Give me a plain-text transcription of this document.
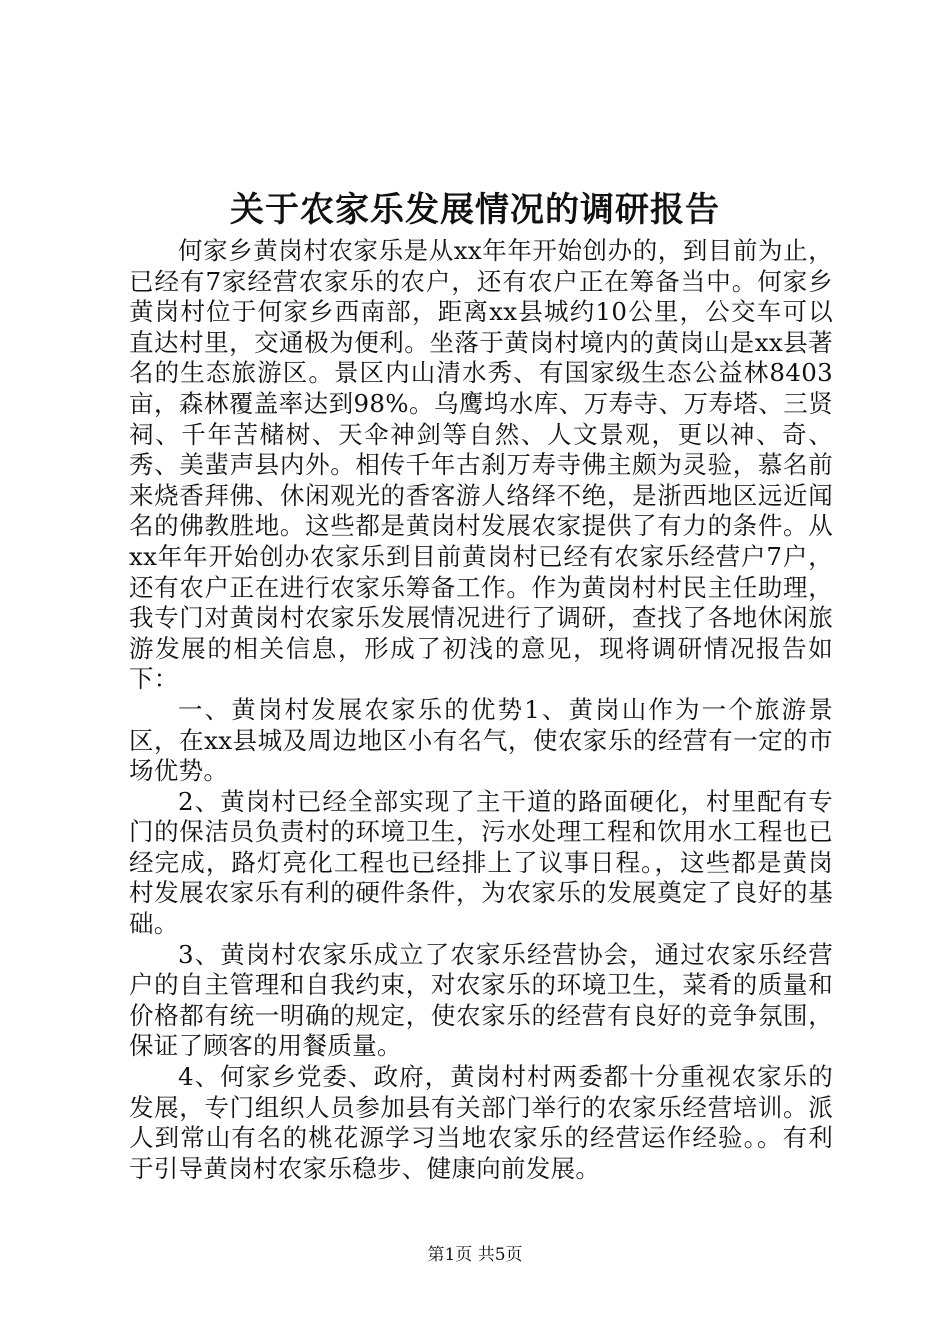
关于农家乐发展情况的调研报告

何家乡黄岗村农家乐是从xx年年开始创办的，到目前为止，已经有7家经营农家乐的农户，还有农户正在筹备当中。何家乡黄岗村位于何家乡西南部，距离xx县城约10公里，公交车可以直达村里，交通极为便利。坐落于黄岗村境内的黄岗山是xx县著名的生态旅游区。景区内山清水秀、有国家级生态公益林8403亩，森林覆盖率达到98%。乌鹰坞水库、万寿寺、万寿塔、三贤祠、千年苦槠树、天伞神剑等自然、人文景观，更以神、奇、秀、美蜚声县内外。相传千年古刹万寿寺佛主颇为灵验，慕名前来烧香拜佛、休闲观光的香客游人络绎不绝，是浙西地区远近闻名的佛教胜地。这些都是黄岗村发展农家提供了有力的条件。从xx年年开始创办农家乐到目前黄岗村已经有农家乐经营户7户，还有农户正在进行农家乐筹备工作。作为黄岗村村民主任助理，我专门对黄岗村农家乐发展情况进行了调研，查找了各地休闲旅游发展的相关信息，形成了初浅的意见，现将调研情况报告如下：

一、黄岗村发展农家乐的优势1、黄岗山作为一个旅游景区，在xx县城及周边地区小有名气，使农家乐的经营有一定的市场优势。

2、黄岗村已经全部实现了主干道的路面硬化，村里配有专门的保洁员负责村的环境卫生，污水处理工程和饮用水工程也已经完成，路灯亮化工程也已经排上了议事日程。，这些都是黄岗村发展农家乐有利的硬件条件，为农家乐的发展奠定了良好的基础。

3、黄岗村农家乐成立了农家乐经营协会，通过农家乐经营户的自主管理和自我约束，对农家乐的环境卫生，菜肴的质量和价格都有统一明确的规定，使农家乐的经营有良好的竞争氛围，保证了顾客的用餐质量。

4、何家乡党委、政府，黄岗村村两委都十分重视农家乐的发展，专门组织人员参加县有关部门举行的农家乐经营培训。派人到常山有名的桃花源学习当地农家乐的经营运作经验。。有利于引导黄岗村农家乐稳步、健康向前发展。

第1页 共5页
